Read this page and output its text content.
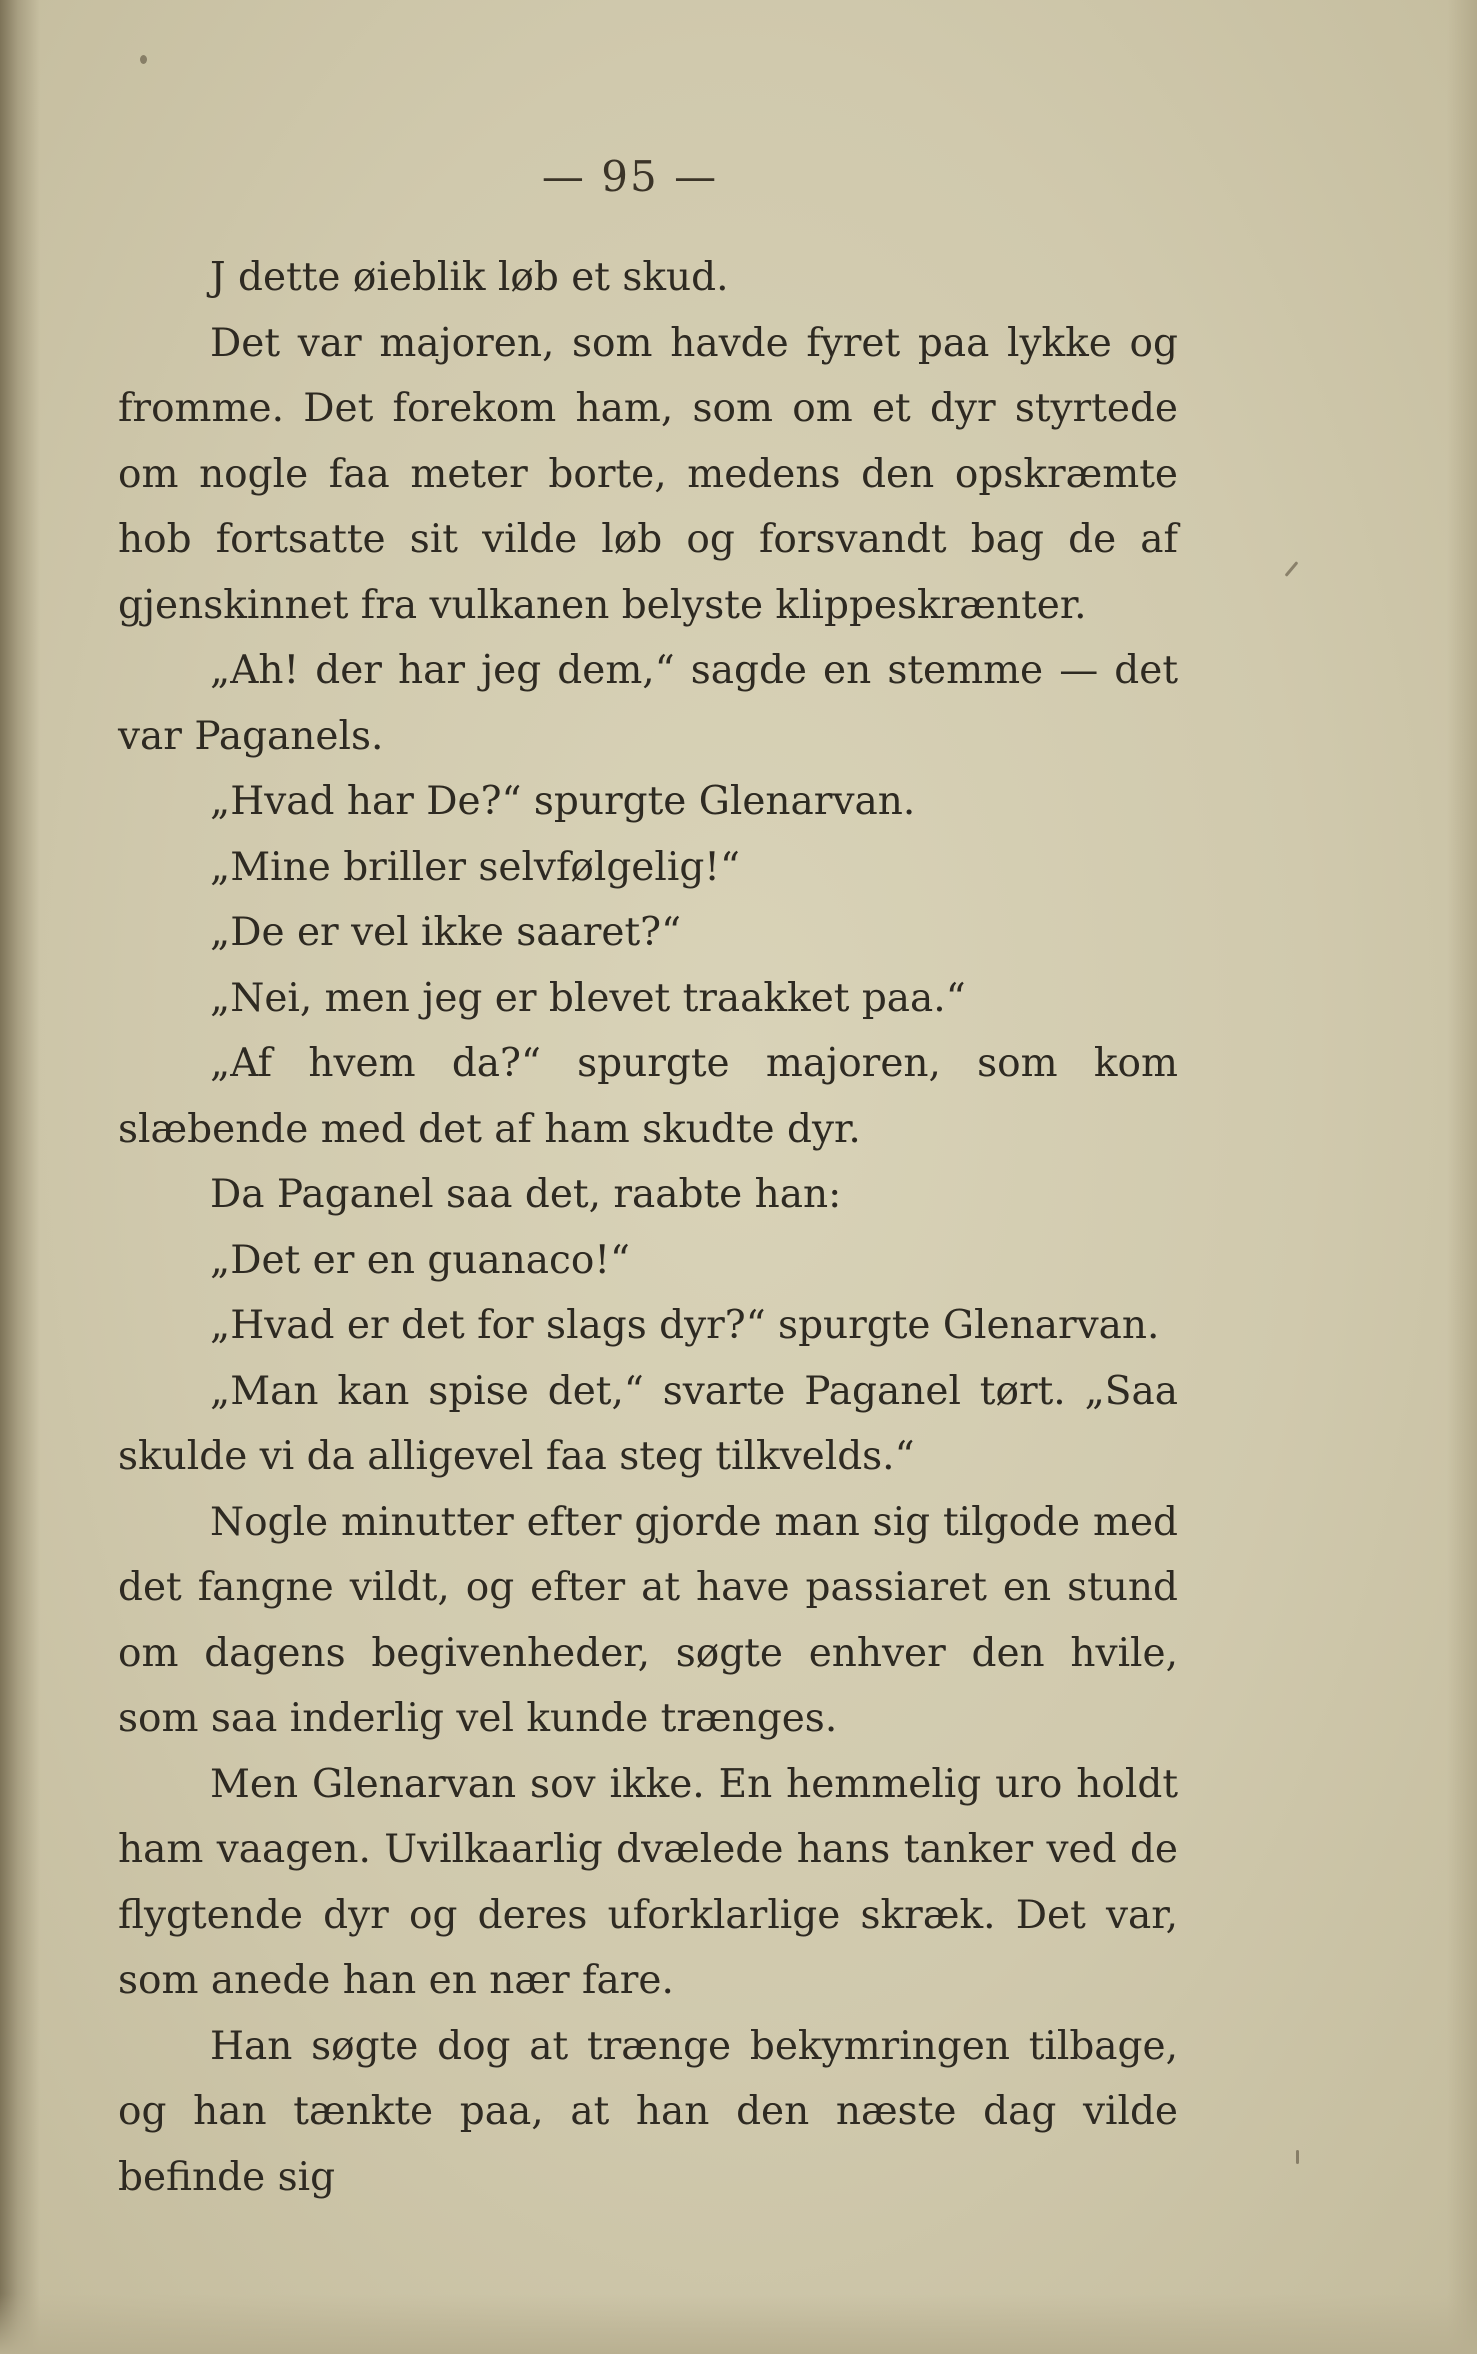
— 95 —

J dette øieblik løb et skud.

Det var majoren, som havde fyret paa lykke og fromme. Det forekom ham, som om et dyr styrtede om nogle faa meter borte, medens den opskræmte hob fortsatte sit vilde løb og forsvandt bag de af gjenskinnet fra vulkanen belyste klippeskrænter.

„Ah! der har jeg dem,“ sagde en stemme — det var Paganels.

„Hvad har De?“ spurgte Glenarvan.

„Mine briller selvfølgelig!“

„De er vel ikke saaret?“

„Nei, men jeg er blevet traakket paa.“

„Af hvem da?“ spurgte majoren, som kom slæbende med det af ham skudte dyr.

Da Paganel saa det, raabte han:

„Det er en guanaco!“

„Hvad er det for slags dyr?“ spurgte Glenarvan.

„Man kan spise det,“ svarte Paganel tørt. „Saa skulde vi da alligevel faa steg tilkvelds.“

Nogle minutter efter gjorde man sig tilgode med det fangne vildt, og efter at have passiaret en stund om dagens begivenheder, søgte enhver den hvile, som saa inderlig vel kunde trænges.

Men Glenarvan sov ikke. En hemmelig uro holdt ham vaagen. Uvilkaarlig dvælede hans tanker ved de flygtende dyr og deres uforklarlige skræk. Det var, som anede han en nær fare.

Han søgte dog at trænge bekymringen tilbage, og han tænkte paa, at han den næste dag vilde befinde sig
